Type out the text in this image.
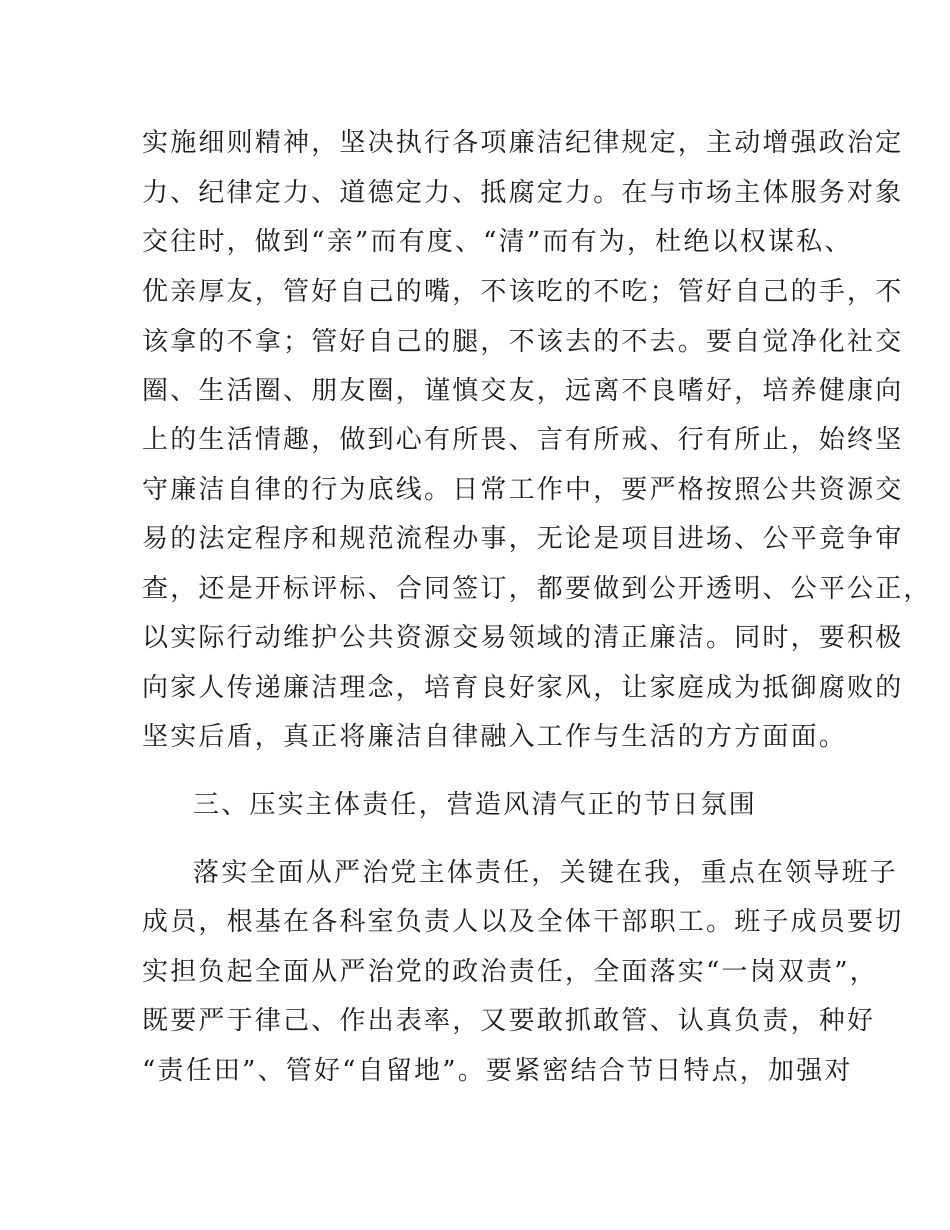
实施细则精神，坚决执行各项廉洁纪律规定，主动增强政治定
力、纪律定力、道德定力、抵腐定力。在与市场主体服务对象
交往时，做到“亲”而有度、“清”而有为，杜绝以权谋私、
优亲厚友，管好自己的嘴，不该吃的不吃；管好自己的手，不
该拿的不拿；管好自己的腿，不该去的不去。要自觉净化社交
圈、生活圈、朋友圈，谨慎交友，远离不良嗜好，培养健康向
上的生活情趣，做到心有所畏、言有所戒、行有所止，始终坚
守廉洁自律的行为底线。日常工作中，要严格按照公共资源交
易的法定程序和规范流程办事，无论是项目进场、公平竞争审
查，还是开标评标、合同签订，都要做到公开透明、公平公正，
以实际行动维护公共资源交易领域的清正廉洁。同时，要积极
向家人传递廉洁理念，培育良好家风，让家庭成为抵御腐败的
坚实后盾，真正将廉洁自律融入工作与生活的方方面面。
三、压实主体责任，营造风清气正的节日氛围
落实全面从严治党主体责任，关键在我，重点在领导班子
成员，根基在各科室负责人以及全体干部职工。班子成员要切
实担负起全面从严治党的政治责任，全面落实“一岗双责”，
既要严于律己、作出表率，又要敢抓敢管、认真负责，种好
“责任田”、管好“自留地”。要紧密结合节日特点，加强对
